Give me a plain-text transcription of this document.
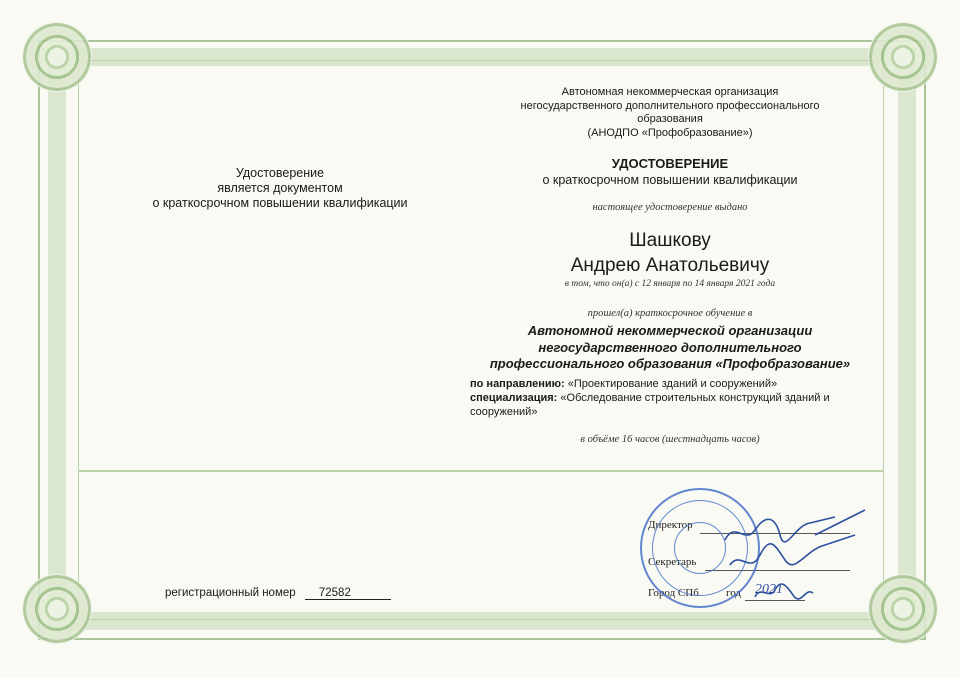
Удостоверение
является документом
о краткосрочном повышении квалификации
Автономная некоммерческая организация
негосударственного дополнительного профессионального
образования
(АНОДПО «Профобразование»)
УДОСТОВЕРЕНИЕ
о краткосрочном повышении квалификации
настоящее удостоверение выдано
Шашкову
Андрею Анатольевичу
в том, что он(а) с 12 января по 14 января 2021 года
прошел(а) краткосрочное обучение в
Автономной некоммерческой организации
негосударственного дополнительного
профессионального образования «Профобразование»
по направлению: «Проектирование зданий и сооружений»
специализация: «Обследование строительных конструкций зданий и сооружений»
в объёме 16 часов (шестнадцать часов)
регистрационный номер 72582
Директор
Секретарь
Город СПб год 2021
